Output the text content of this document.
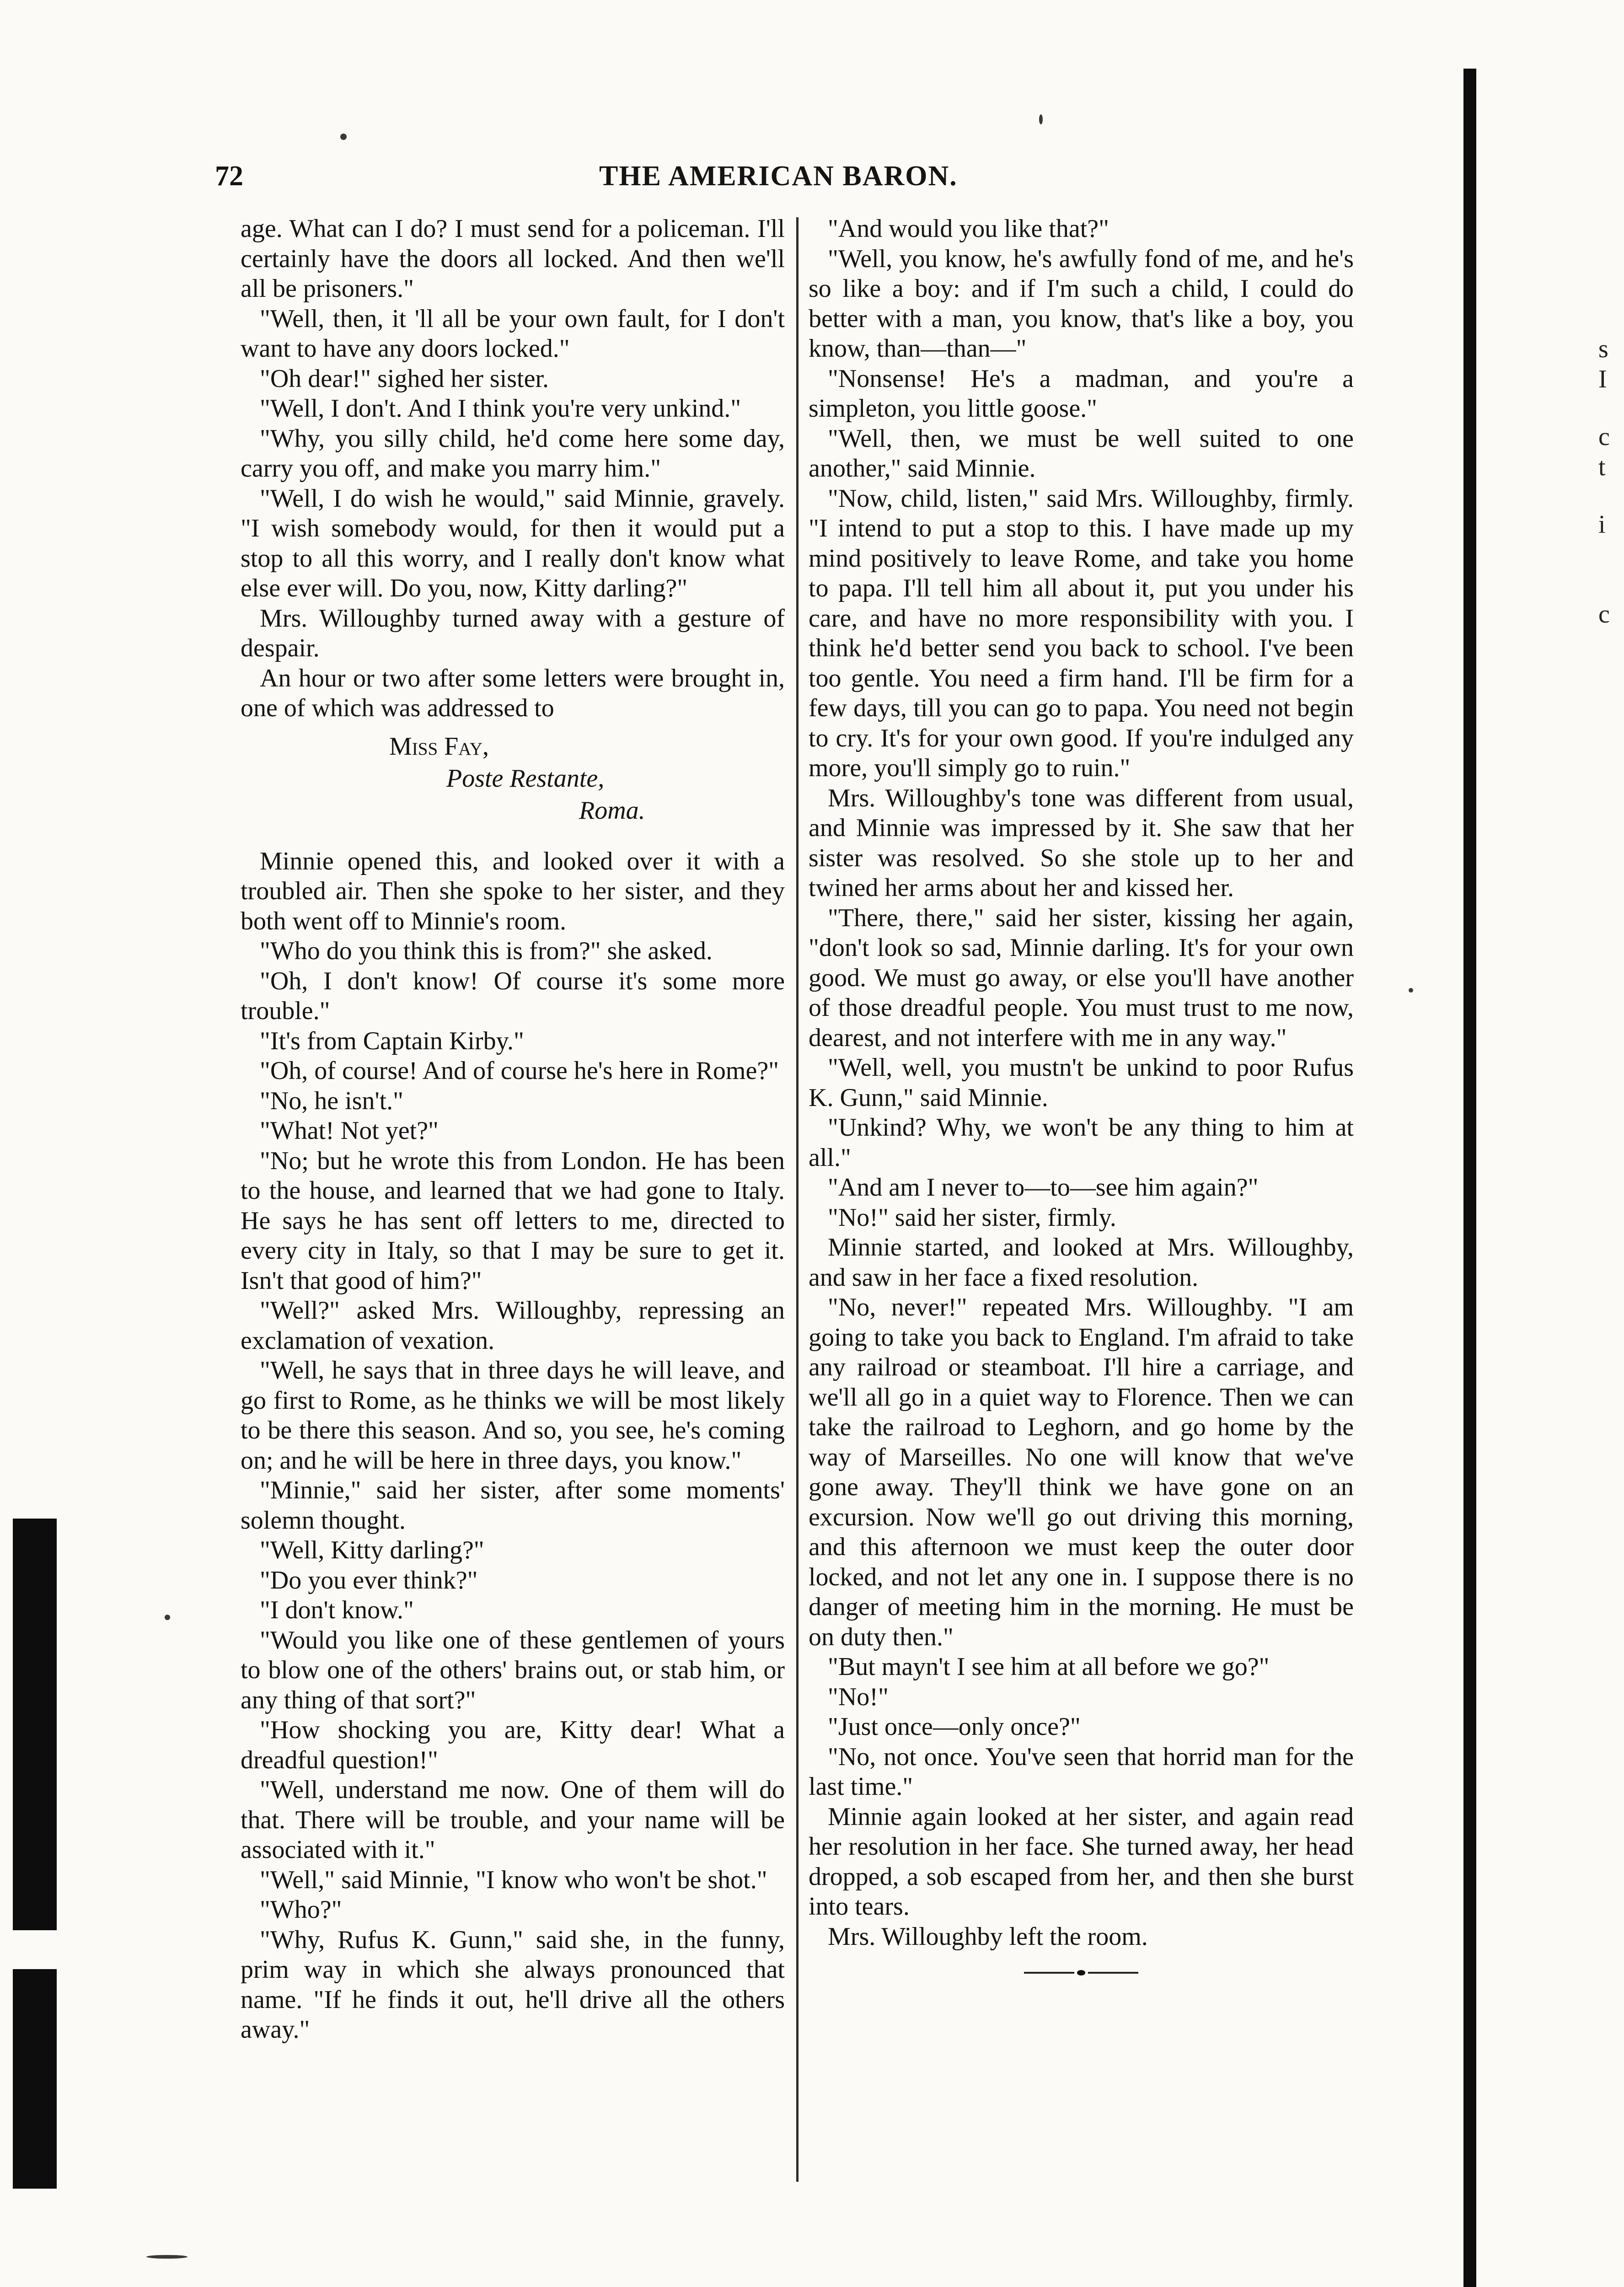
s
I
c
t
i
c
72	THE AMERICAN BARON.

age. What can I do? I must send for a policeman. I'll certainly have the doors all locked. And then we'll all be prisoners."

"Well, then, it 'll all be your own fault, for I don't want to have any doors locked."

"Oh dear!" sighed her sister.

"Well, I don't. And I think you're very unkind."

"Why, you silly child, he'd come here some day, carry you off, and make you marry him."

"Well, I do wish he would," said Minnie, gravely. "I wish somebody would, for then it would put a stop to all this worry, and I really don't know what else ever will. Do you, now, Kitty darling?"

Mrs. Willoughby turned away with a gesture of despair.

An hour or two after some letters were brought in, one of which was addressed to

Miss Fay,
Poste Restante,
Roma.

Minnie opened this, and looked over it with a troubled air. Then she spoke to her sister, and they both went off to Minnie's room.

"Who do you think this is from?" she asked.

"Oh, I don't know! Of course it's some more trouble."

"It's from Captain Kirby."

"Oh, of course! And of course he's here in Rome?"

"No, he isn't."

"What! Not yet?"

"No; but he wrote this from London. He has been to the house, and learned that we had gone to Italy. He says he has sent off letters to me, directed to every city in Italy, so that I may be sure to get it. Isn't that good of him?"

"Well?" asked Mrs. Willoughby, repressing an exclamation of vexation.

"Well, he says that in three days he will leave, and go first to Rome, as he thinks we will be most likely to be there this season. And so, you see, he's coming on; and he will be here in three days, you know."

"Minnie," said her sister, after some moments' solemn thought.

"Well, Kitty darling?"

"Do you ever think?"

"I don't know."

"Would you like one of these gentlemen of yours to blow one of the others' brains out, or stab him, or any thing of that sort?"

"How shocking you are, Kitty dear! What a dreadful question!"

"Well, understand me now. One of them will do that. There will be trouble, and your name will be associated with it."

"Well," said Minnie, "I know who won't be shot."

"Who?"

"Why, Rufus K. Gunn," said she, in the funny, prim way in which she always pronounced that name. "If he finds it out, he'll drive all the others away."

"And would you like that?"

"Well, you know, he's awfully fond of me, and he's so like a boy: and if I'm such a child, I could do better with a man, you know, that's like a boy, you know, than—than—"

"Nonsense! He's a madman, and you're a simpleton, you little goose."

"Well, then, we must be well suited to one another," said Minnie.

"Now, child, listen," said Mrs. Willoughby, firmly. "I intend to put a stop to this. I have made up my mind positively to leave Rome, and take you home to papa. I'll tell him all about it, put you under his care, and have no more responsibility with you. I think he'd better send you back to school. I've been too gentle. You need a firm hand. I'll be firm for a few days, till you can go to papa. You need not begin to cry. It's for your own good. If you're indulged any more, you'll simply go to ruin."

Mrs. Willoughby's tone was different from usual, and Minnie was impressed by it. She saw that her sister was resolved. So she stole up to her and twined her arms about her and kissed her.

"There, there," said her sister, kissing her again, "don't look so sad, Minnie darling. It's for your own good. We must go away, or else you'll have another of those dreadful people. You must trust to me now, dearest, and not interfere with me in any way."

"Well, well, you mustn't be unkind to poor Rufus K. Gunn," said Minnie.

"Unkind? Why, we won't be any thing to him at all."

"And am I never to—to—see him again?"

"No!" said her sister, firmly.

Minnie started, and looked at Mrs. Willoughby, and saw in her face a fixed resolution.

"No, never!" repeated Mrs. Willoughby. "I am going to take you back to England. I'm afraid to take any railroad or steamboat. I'll hire a carriage, and we'll all go in a quiet way to Florence. Then we can take the railroad to Leghorn, and go home by the way of Marseilles. No one will know that we've gone away. They'll think we have gone on an excursion. Now we'll go out driving this morning, and this afternoon we must keep the outer door locked, and not let any one in. I suppose there is no danger of meeting him in the morning. He must be on duty then."

"But mayn't I see him at all before we go?"

"No!"

"Just once—only once?"

"No, not once. You've seen that horrid man for the last time."

Minnie again looked at her sister, and again read her resolution in her face. She turned away, her head dropped, a sob escaped from her, and then she burst into tears.

Mrs. Willoughby left the room.
